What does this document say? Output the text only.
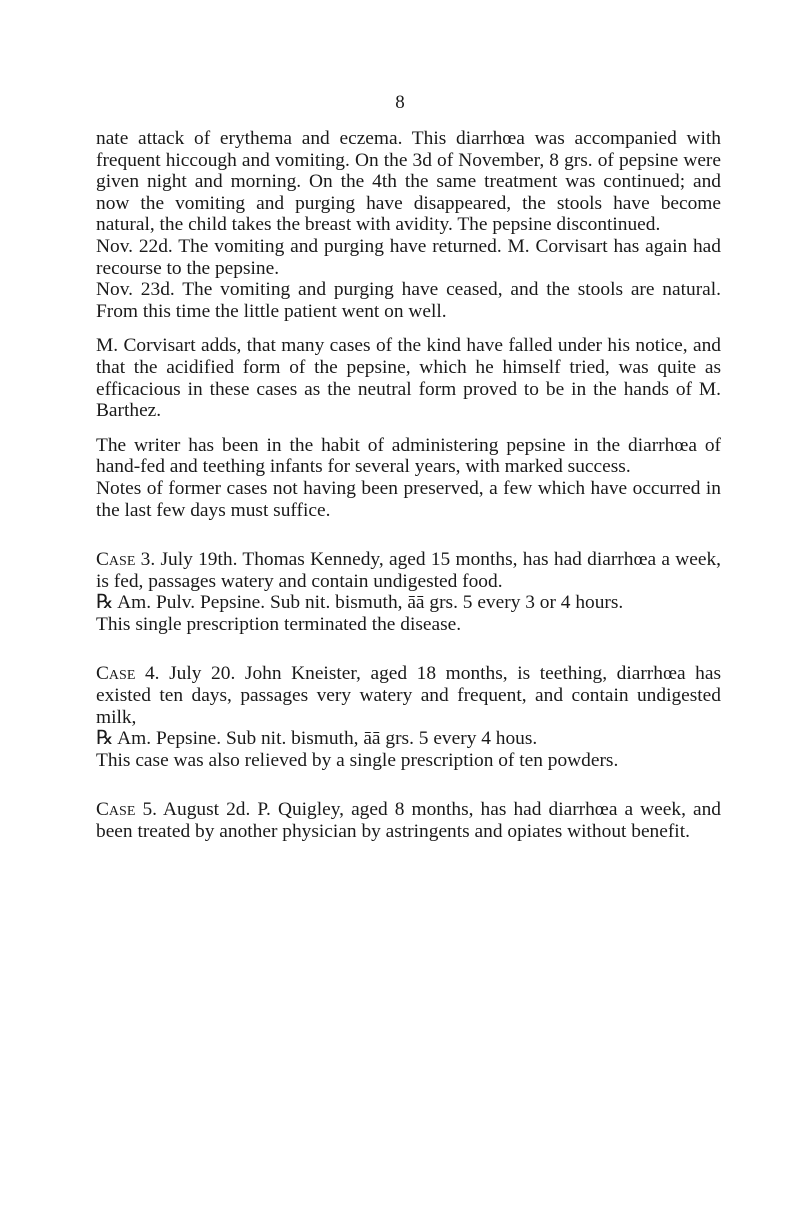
8

nate attack of erythema and eczema. This diarrhœa was accompanied with frequent hiccough and vomiting. On the 3d of November, 8 grs. of pepsine were given night and morning. On the 4th the same treatment was continued; and now the vomiting and purging have disappeared, the stools have become natural, the child takes the breast with avidity. The pepsine discontinued.

Nov. 22d. The vomiting and purging have returned. M. Corvisart has again had recourse to the pepsine.

Nov. 23d. The vomiting and purging have ceased, and the stools are natural. From this time the little patient went on well.

M. Corvisart adds, that many cases of the kind have falled under his notice, and that the acidified form of the pepsine, which he himself tried, was quite as efficacious in these cases as the neutral form proved to be in the hands of M. Barthez.

The writer has been in the habit of administering pepsine in the diarrhœa of hand-fed and teething infants for several years, with marked success.

Notes of former cases not having been preserved, a few which have occurred in the last few days must suffice.

Case 3. July 19th. Thomas Kennedy, aged 15 months, has had diarrhœa a week, is fed, passages watery and contain undigested food.

℞ Am. Pulv. Pepsine. Sub nit. bismuth, āā grs. 5 every 3 or 4 hours.

This single prescription terminated the disease.

Case 4. July 20. John Kneister, aged 18 months, is teething, diarrhœa has existed ten days, passages very watery and frequent, and contain undigested milk,

℞ Am. Pepsine. Sub nit. bismuth, āā grs. 5 every 4 hous.

This case was also relieved by a single prescription of ten powders.

Case 5. August 2d. P. Quigley, aged 8 months, has had diarrhœa a week, and been treated by another physician by astringents and opiates without benefit.
